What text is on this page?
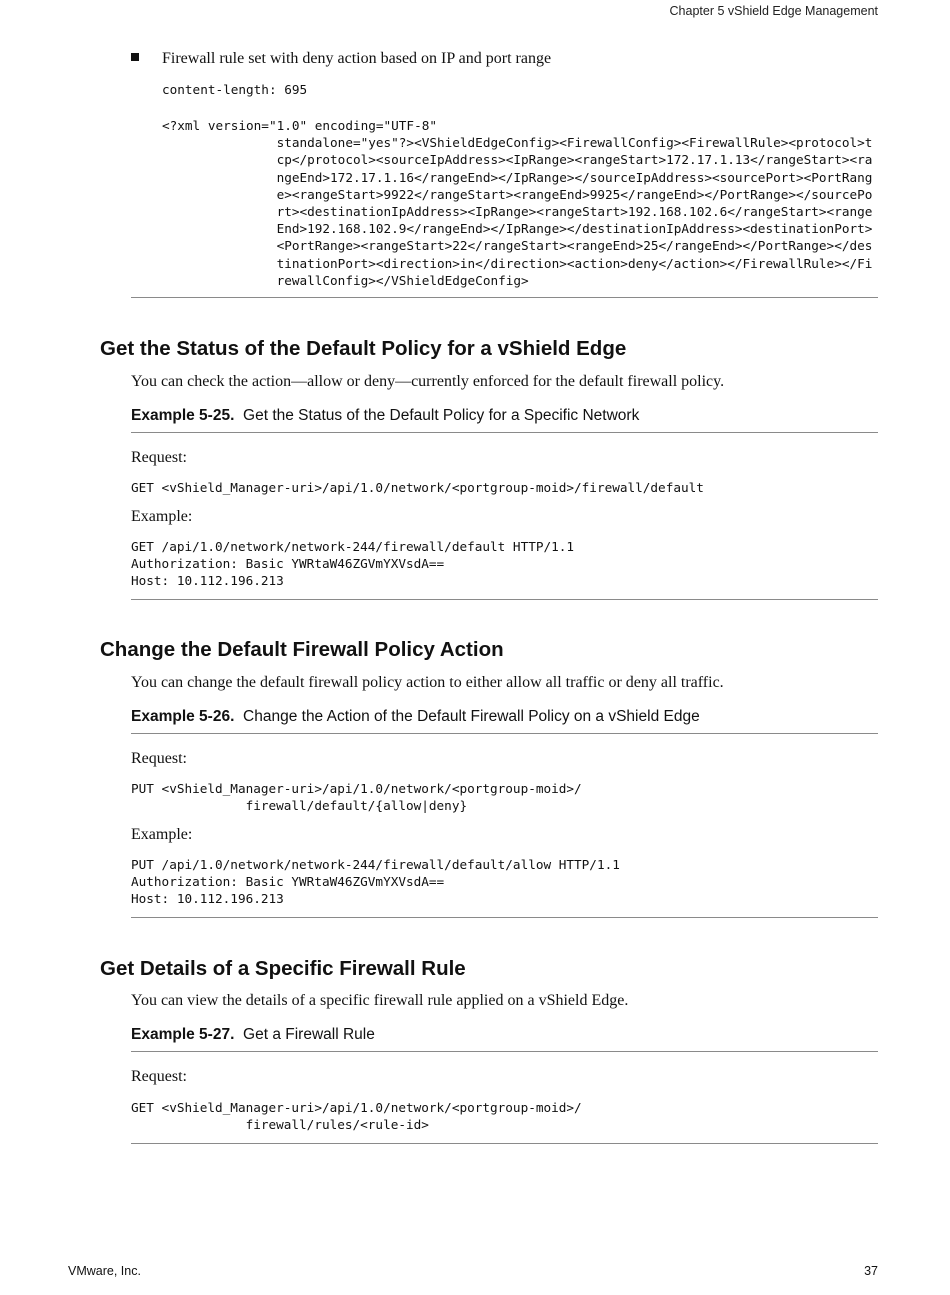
Chapter 5 vShield Edge Management
Firewall rule set with deny action based on IP and port range
content-length: 695
<?xml version="1.0" encoding="UTF-8"
standalone="yes"?><VShieldEdgeConfig><FirewallConfig><FirewallRule><protocol>t
cp</protocol><sourceIpAddress><IpRange><rangeStart>172.17.1.13</rangeStart><ra
ngeEnd>172.17.1.16</rangeEnd></IpRange></sourceIpAddress><sourcePort><PortRang
e><rangeStart>9922</rangeStart><rangeEnd>9925</rangeEnd></PortRange></sourcePo
rt><destinationIpAddress><IpRange><rangeStart>192.168.102.6</rangeStart><range
End>192.168.102.9</rangeEnd></IpRange></destinationIpAddress><destinationPort>
<PortRange><rangeStart>22</rangeStart><rangeEnd>25</rangeEnd></PortRange></des
tinationPort><direction>in</direction><action>deny</action></FirewallRule></Fi
rewallConfig></VShieldEdgeConfig>
Get the Status of the Default Policy for a vShield Edge

You can check the action—allow or deny—currently enforced for the default firewall policy.

Example 5-25. Get the Status of the Default Policy for a Specific Network

Request:

GET <vShield_Manager-uri>/api/1.0/network/<portgroup-moid>/firewall/default

Example:

GET /api/1.0/network/network-244/firewall/default HTTP/1.1
Authorization: Basic YWRtaW46ZGVmYXVsdA==
Host: 10.112.196.213
Change the Default Firewall Policy Action

You can change the default firewall policy action to either allow all traffic or deny all traffic.

Example 5-26. Change the Action of the Default Firewall Policy on a vShield Edge

Request:

PUT <vShield_Manager-uri>/api/1.0/network/<portgroup-moid>/
firewall/default/{allow|deny}

Example:

PUT /api/1.0/network/network-244/firewall/default/allow HTTP/1.1
Authorization: Basic YWRtaW46ZGVmYXVsdA==
Host: 10.112.196.213
Get Details of a Specific Firewall Rule

You can view the details of a specific firewall rule applied on a vShield Edge.

Example 5-27. Get a Firewall Rule

Request:

GET <vShield_Manager-uri>/api/1.0/network/<portgroup-moid>/
firewall/rules/<rule-id>
VMware, Inc.	37
